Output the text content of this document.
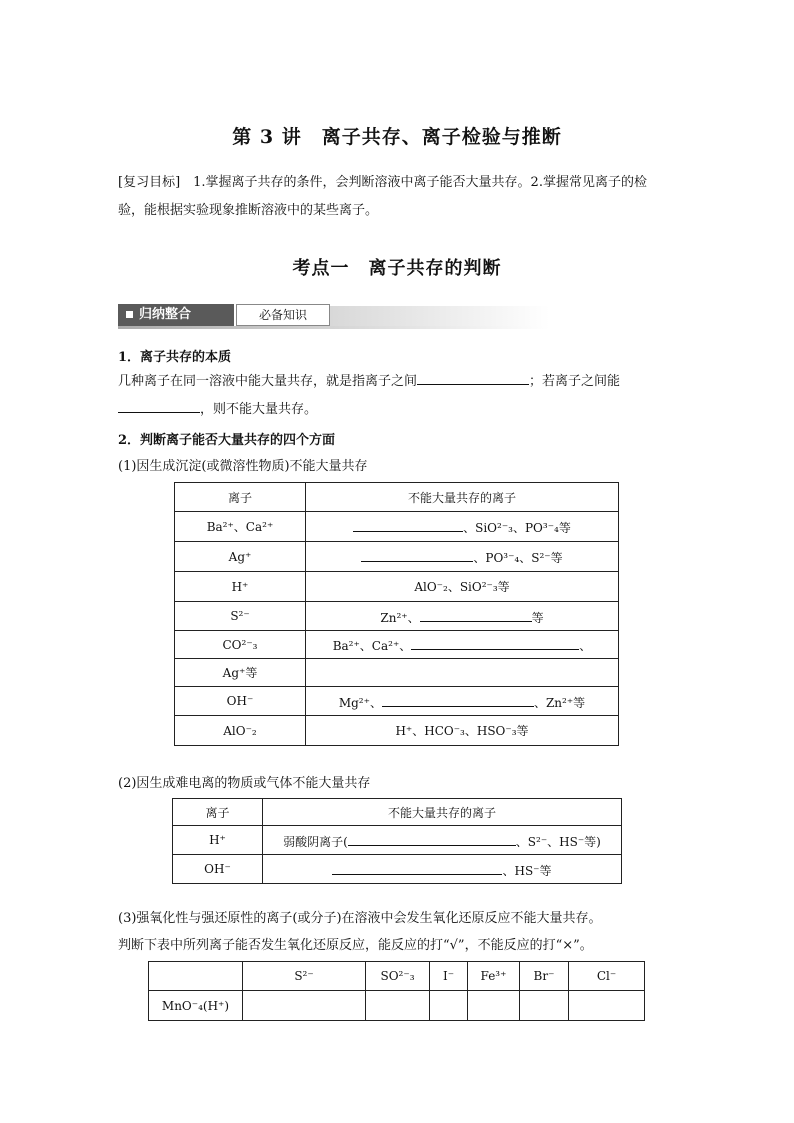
第 3 讲　离子共存、离子检验与推断
[复习目标]　1.掌握离子共存的条件，会判断溶液中离子能否大量共存。2.掌握常见离子的检
验，能根据实验现象推断溶液中的某些离子。
考点一　离子共存的判断
归纳整合	必备知识
1．离子共存的本质
几种离子在同一溶液中能大量共存，就是指离子之间	；若离子之间能
，则不能大量共存。
2．判断离子能否大量共存的四个方面
(1)因生成沉淀(或微溶性物质)不能大量共存
离子	不能大量共存的离子
Ba²⁺、Ca²⁺	、SiO²⁻₃、PO³⁻₄等
Ag⁺	、PO³⁻₄、S²⁻等
H⁺	AlO⁻₂、SiO²⁻₃等
S²⁻	Zn²⁺、 等
CO²⁻₃	Ba²⁺、Ca²⁺、 、
Ag⁺等	
OH⁻	Mg²⁺、 、Zn²⁺等
AlO⁻₂	H⁺、HCO⁻₃、HSO⁻₃等
(2)因生成难电离的物质或气体不能大量共存
离子	不能大量共存的离子
H⁺	弱酸阴离子( 、S²⁻、HS⁻等)
OH⁻	、HS⁻等
(3)强氧化性与强还原性的离子(或分子)在溶液中会发生氧化还原反应不能大量共存。
判断下表中所列离子能否发生氧化还原反应，能反应的打“√”，不能反应的打“×”。
	S²⁻	SO²⁻₃	I⁻	Fe³⁺	Br⁻	Cl⁻
MnO⁻₄(H⁺)						
